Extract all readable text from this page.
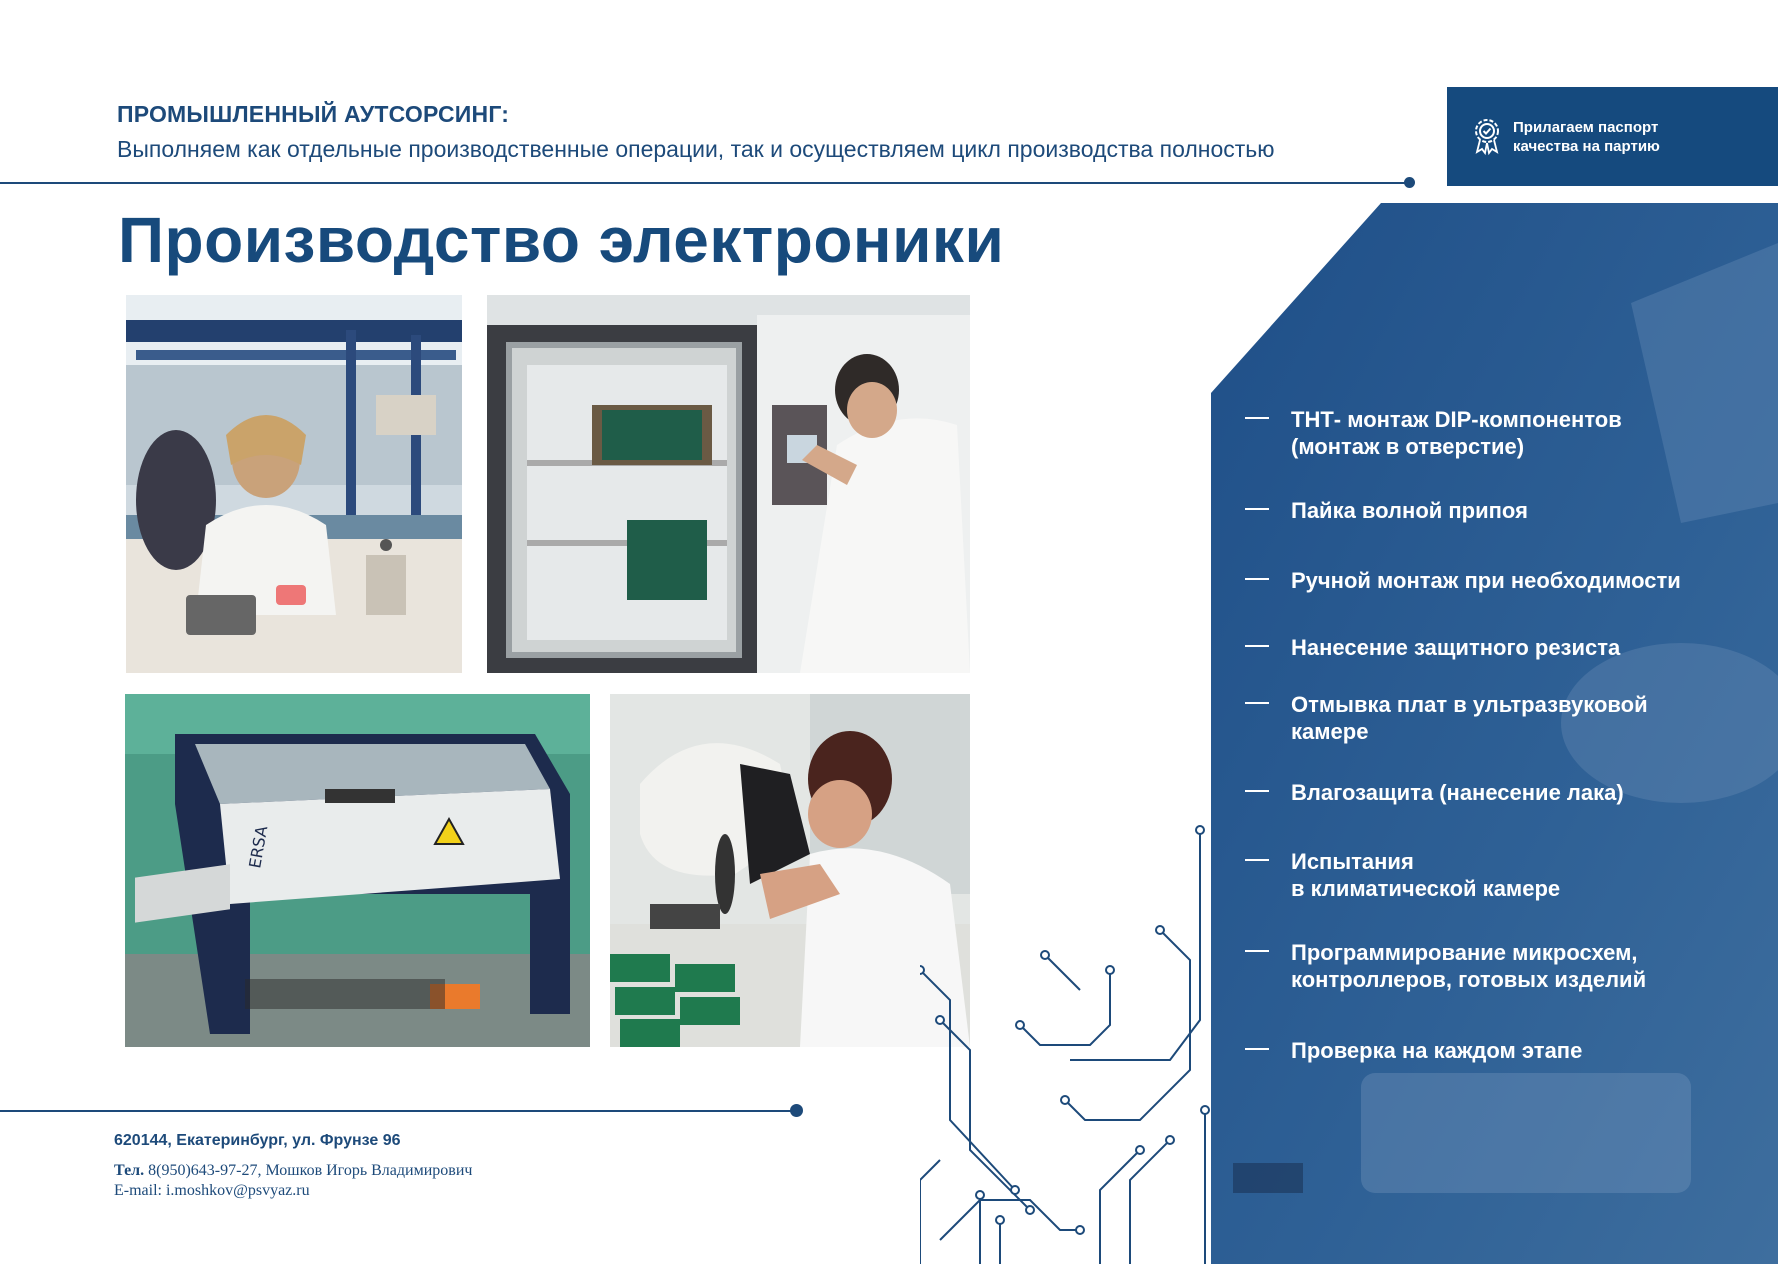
ПРОМЫШЛЕННЫЙ АУТСОРСИНГ:
Выполняем как отдельные производственные операции, так и осуществляем цикл производства полностью
Прилагаем паспорт качества на партию
Производство электроники
ERSA
ТНТ- монтаж DIP-компонентов
(монтаж в отверстие)
Пайка волной припоя
Ручной монтаж при необходимости
Нанесение защитного резиста
Отмывка плат в ультразвуковой
камере
Влагозащита (нанесение лака)
Испытания
в климатической камере
Программирование микросхем,
контроллеров, готовых изделий
Проверка на каждом этапе
620144, Екатеринбург, ул. Фрунзе 96
Тел. 8(950)643-97-27, Мошков Игорь Владимирович
E-mail: i.moshkov@psvyaz.ru
